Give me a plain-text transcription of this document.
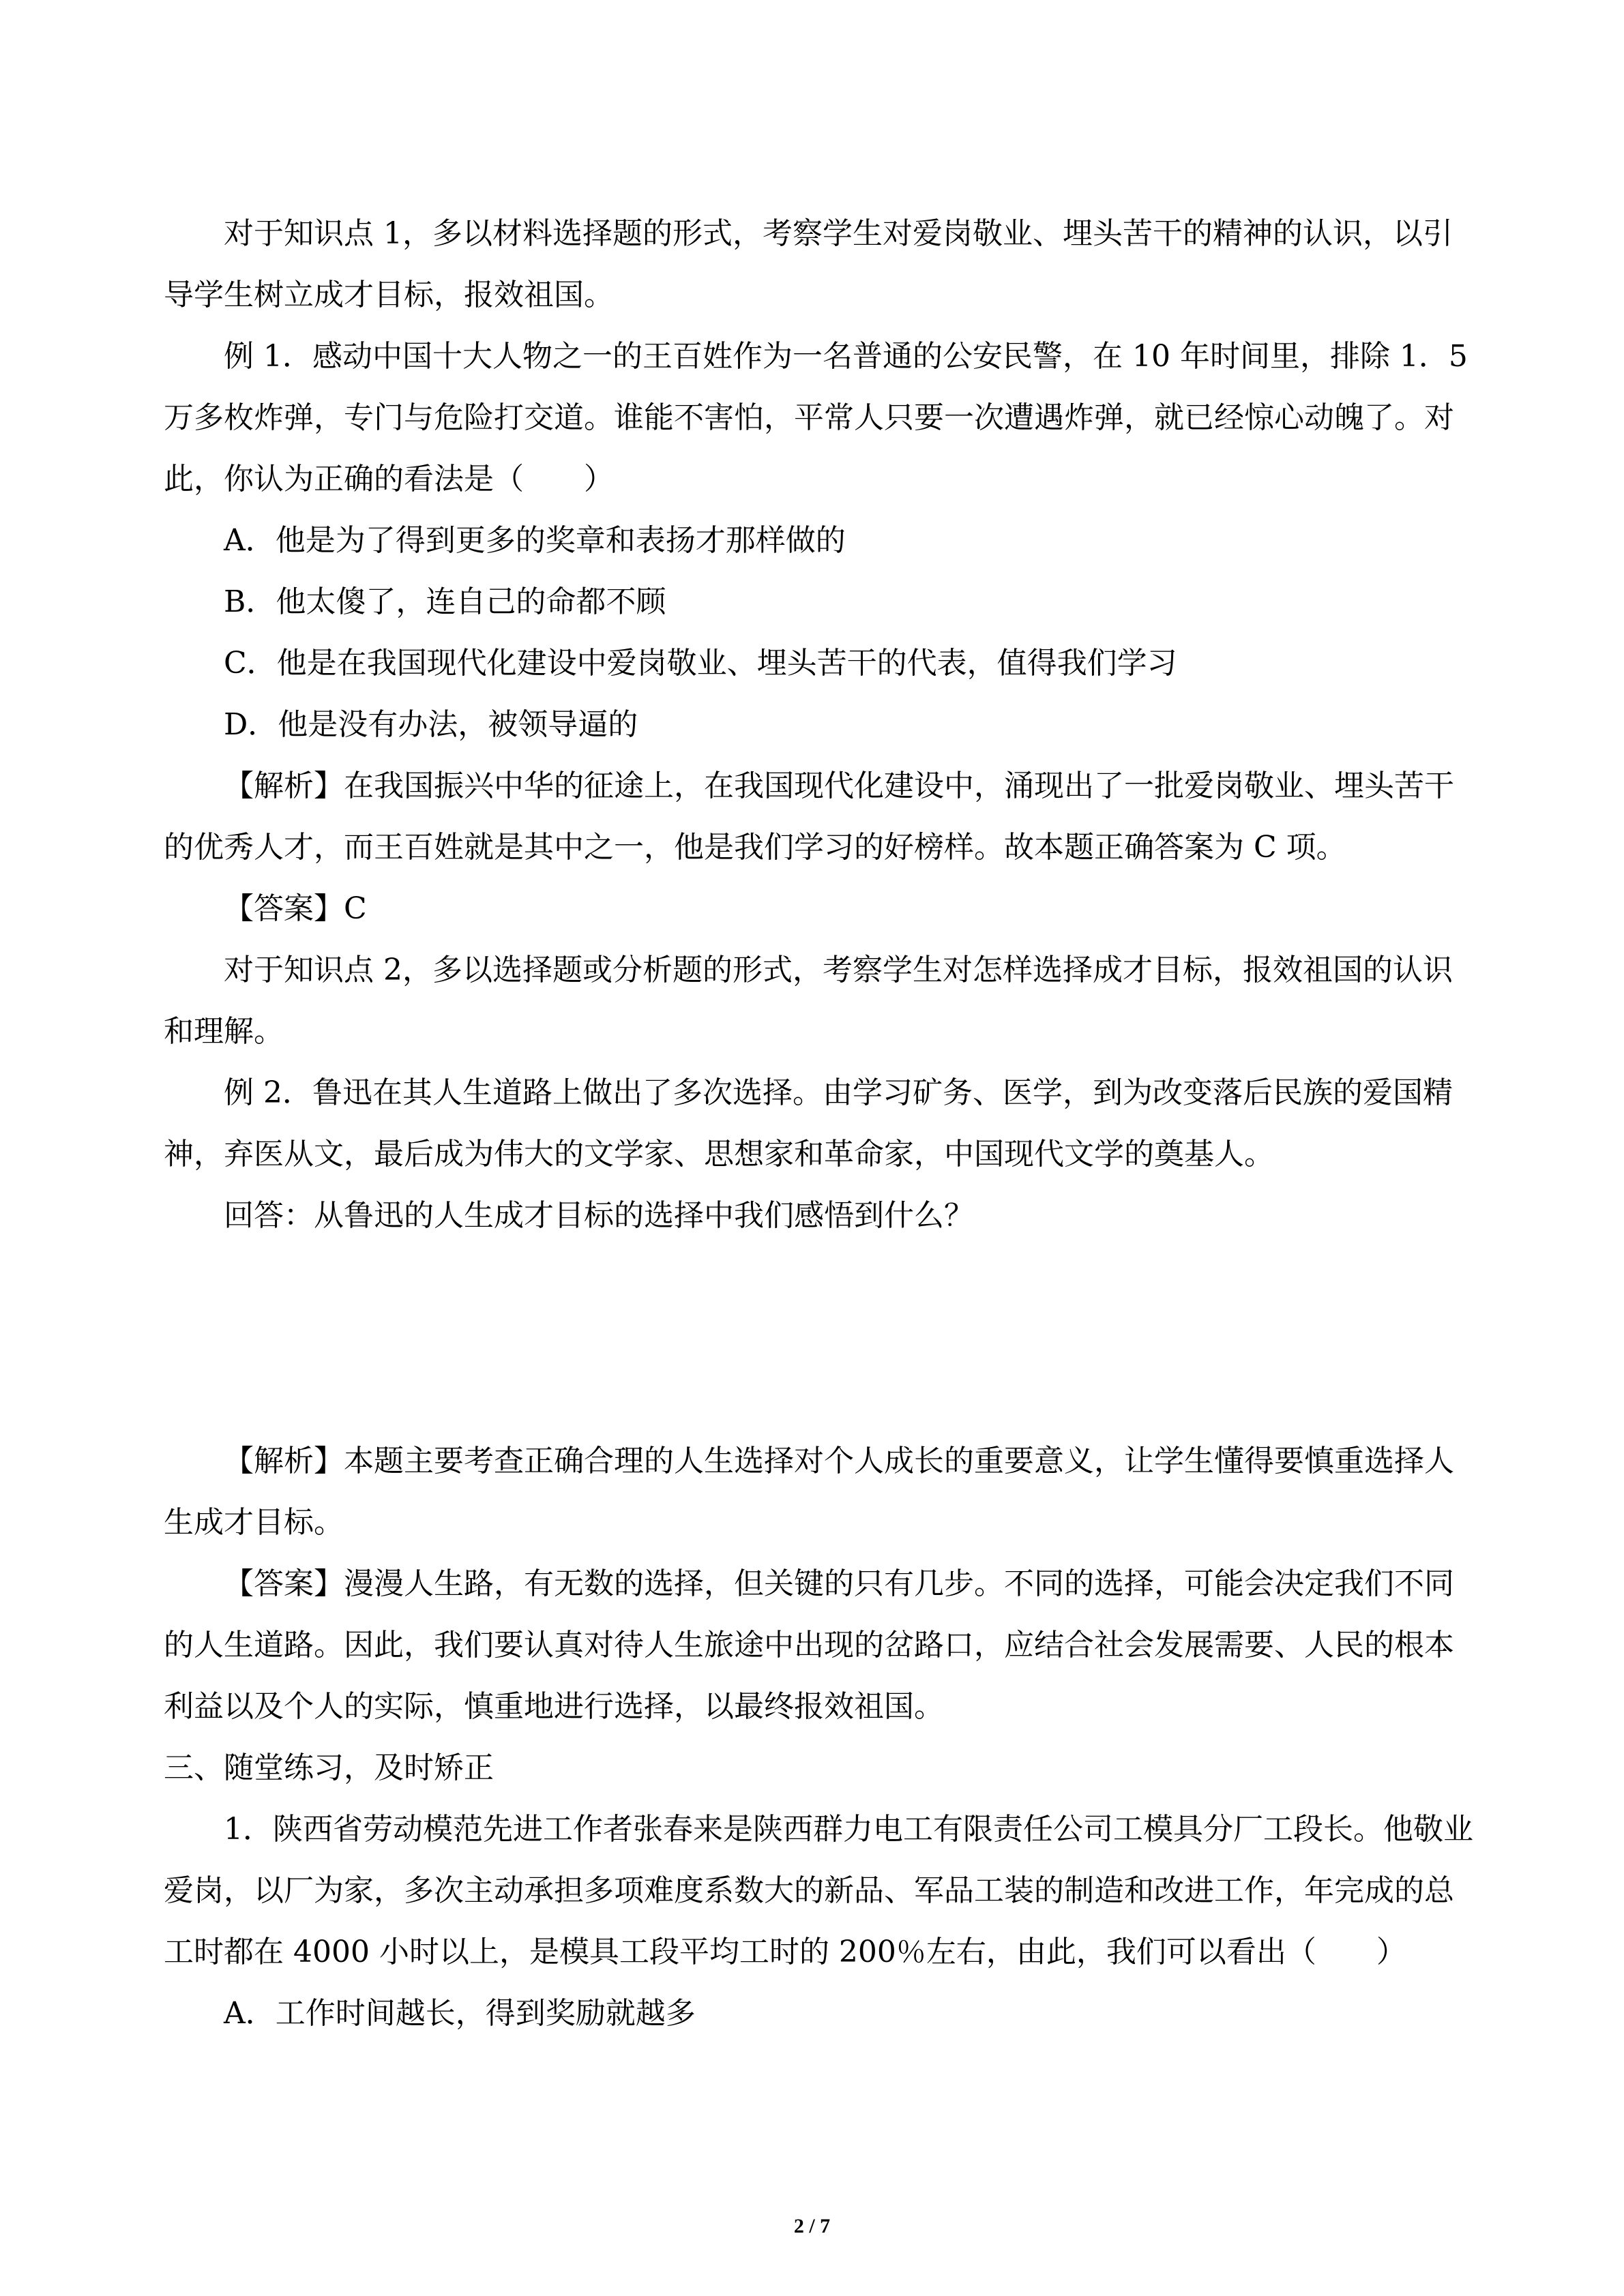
对于知识点 1，多以材料选择题的形式，考察学生对爱岗敬业、埋头苦干的精神的认识，以引导学生树立成才目标，报效祖国。

例 1．感动中国十大人物之一的王百姓作为一名普通的公安民警，在 10 年时间里，排除 1．5 万多枚炸弹，专门与危险打交道。谁能不害怕，平常人只要一次遭遇炸弹，就已经惊心动魄了。对此，你认为正确的看法是（　　）

A．他是为了得到更多的奖章和表扬才那样做的

B．他太傻了，连自己的命都不顾

C．他是在我国现代化建设中爱岗敬业、埋头苦干的代表，值得我们学习

D．他是没有办法，被领导逼的

【解析】在我国振兴中华的征途上，在我国现代化建设中，涌现出了一批爱岗敬业、埋头苦干的优秀人才，而王百姓就是其中之一，他是我们学习的好榜样。故本题正确答案为 C 项。

【答案】C

对于知识点 2，多以选择题或分析题的形式，考察学生对怎样选择成才目标，报效祖国的认识和理解。

例 2．鲁迅在其人生道路上做出了多次选择。由学习矿务、医学，到为改变落后民族的爱国精神，弃医从文，最后成为伟大的文学家、思想家和革命家，中国现代文学的奠基人。

回答：从鲁迅的人生成才目标的选择中我们感悟到什么？

【解析】本题主要考查正确合理的人生选择对个人成长的重要意义，让学生懂得要慎重选择人生成才目标。

【答案】漫漫人生路，有无数的选择，但关键的只有几步。不同的选择，可能会决定我们不同的人生道路。因此，我们要认真对待人生旅途中出现的岔路口，应结合社会发展需要、人民的根本利益以及个人的实际，慎重地进行选择，以最终报效祖国。

三、随堂练习，及时矫正

1．陕西省劳动模范先进工作者张春来是陕西群力电工有限责任公司工模具分厂工段长。他敬业爱岗，以厂为家，多次主动承担多项难度系数大的新品、军品工装的制造和改进工作，年完成的总工时都在 4000 小时以上，是模具工段平均工时的 200％左右，由此，我们可以看出（　　）

A．工作时间越长，得到奖励就越多

2 / 7
